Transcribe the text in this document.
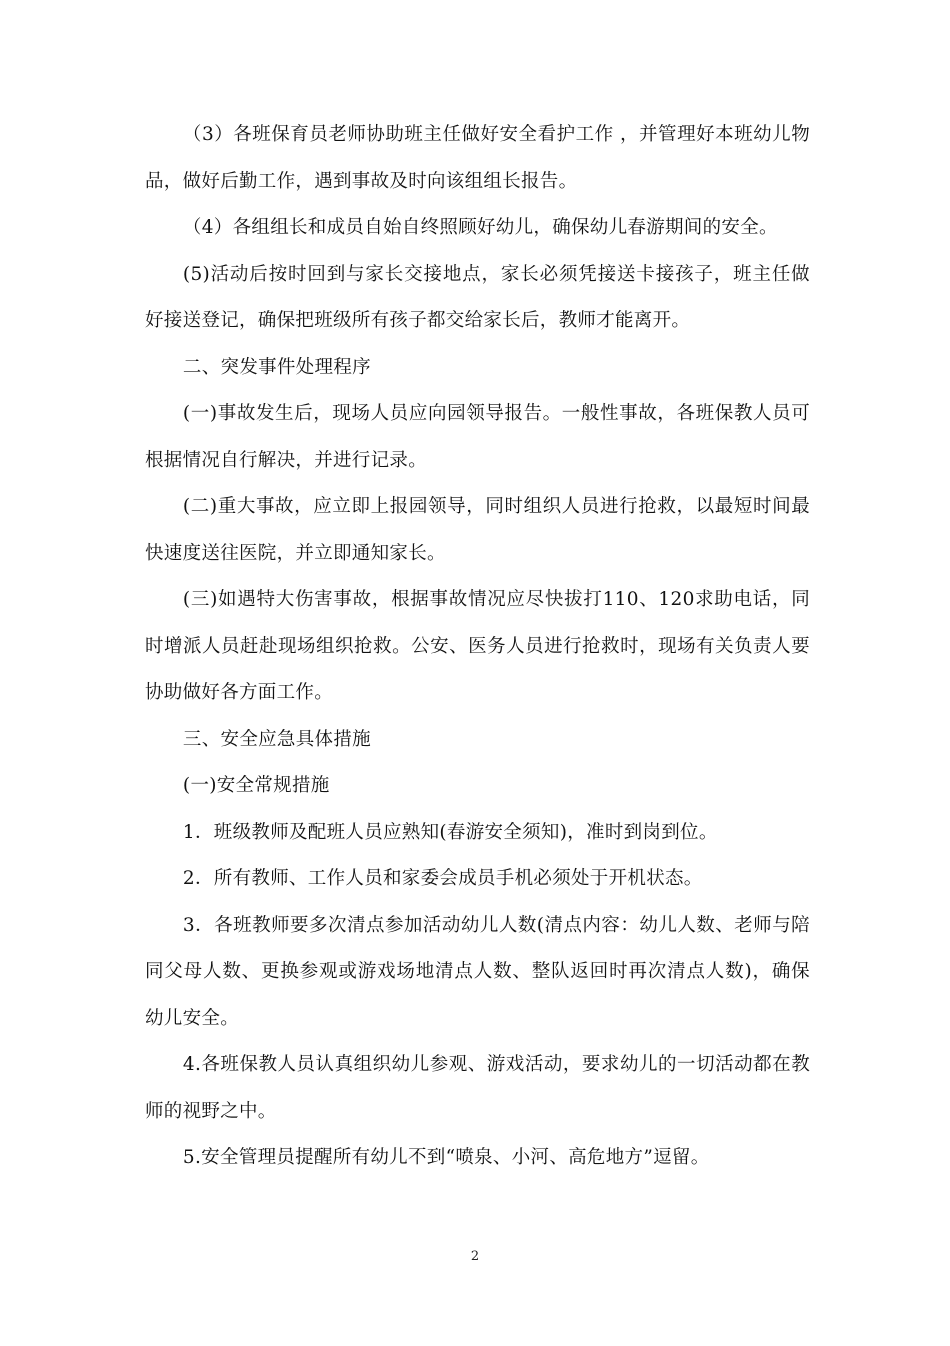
（3）各班保育员老师协助班主任做好安全看护工作 ，并管理好本班幼儿物品，做好后勤工作，遇到事故及时向该组组长报告。

（4）各组组长和成员自始自终照顾好幼儿，确保幼儿春游期间的安全。

(5)活动后按时回到与家长交接地点，家长必须凭接送卡接孩子，班主任做好接送登记，确保把班级所有孩子都交给家长后，教师才能离开。

二、突发事件处理程序

(一)事故发生后，现场人员应向园领导报告。一般性事故，各班保教人员可根据情况自行解决，并进行记录。

(二)重大事故，应立即上报园领导，同时组织人员进行抢救，以最短时间最快速度送往医院，并立即通知家长。

(三)如遇特大伤害事故，根据事故情况应尽快拔打110、120求助电话，同时增派人员赶赴现场组织抢救。公安、医务人员进行抢救时，现场有关负责人要协助做好各方面工作。

三、安全应急具体措施

(一)安全常规措施

1．班级教师及配班人员应熟知(春游安全须知)，准时到岗到位。

2．所有教师、工作人员和家委会成员手机必须处于开机状态。

3．各班教师要多次清点参加活动幼儿人数(清点内容：幼儿人数、老师与陪同父母人数、更换参观或游戏场地清点人数、整队返回时再次清点人数)，确保幼儿安全。

4.各班保教人员认真组织幼儿参观、游戏活动，要求幼儿的一切活动都在教师的视野之中。

5.安全管理员提醒所有幼儿不到“喷泉、小河、高危地方”逗留。

2
